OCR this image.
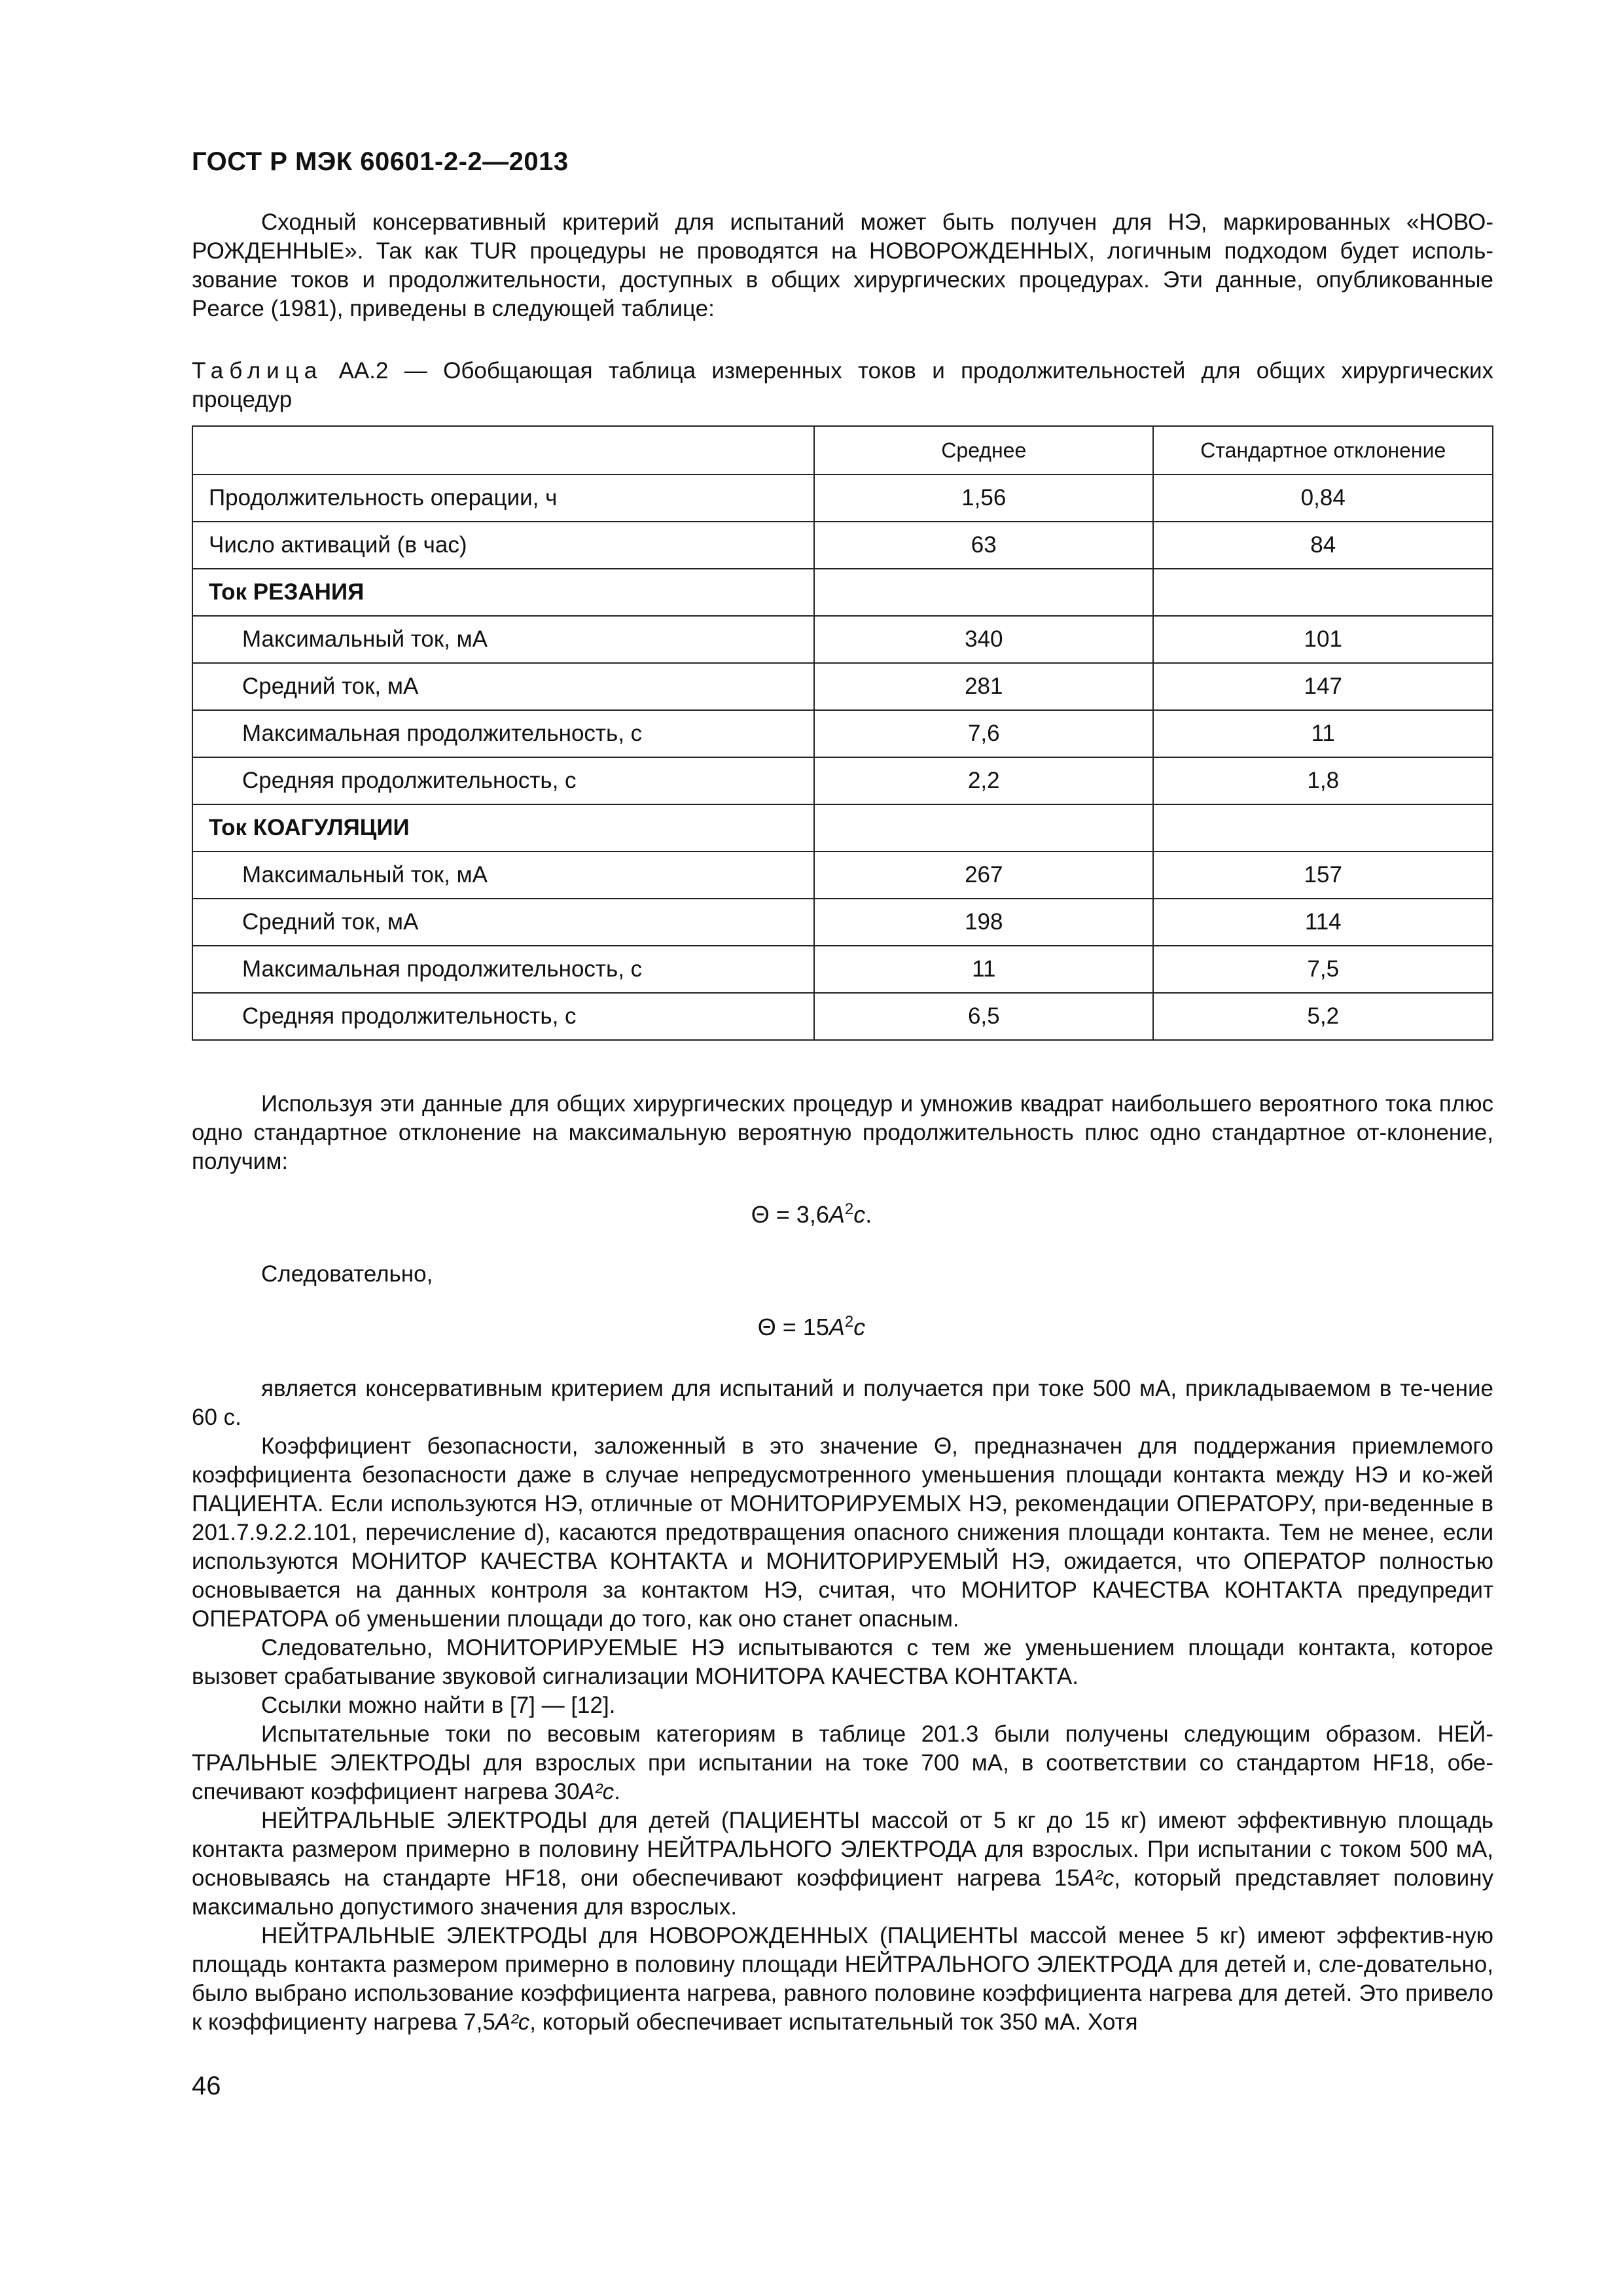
ГОСТ Р МЭК 60601-2-2—2013

Сходный консервативный критерий для испытаний может быть получен для НЭ, маркированных «НОВО-РОЖДЕННЫЕ». Так как TUR процедуры не проводятся на НОВОРОЖДЕННЫХ, логичным подходом будет исполь-зование токов и продолжительности, доступных в общих хирургических процедурах. Эти данные, опубликованные Pearce (1981), приведены в следующей таблице:

Таблица АА.2 — Обобщающая таблица измеренных токов и продолжительностей для общих хирургических процедур
	Среднее	Стандартное отклонение
Продолжительность операции, ч	1,56	0,84
Число активаций (в час)	63	84
Ток РЕЗАНИЯ		
Максимальный ток, мА	340	101
Средний ток, мА	281	147
Максимальная продолжительность, с	7,6	11
Средняя продолжительность, с	2,2	1,8
Ток КОАГУЛЯЦИИ		
Максимальный ток, мА	267	157
Средний ток, мА	198	114
Максимальная продолжительность, с	11	7,5
Средняя продолжительность, с	6,5	5,2

Используя эти данные для общих хирургических процедур и умножив квадрат наибольшего вероятного тока плюс одно стандартное отклонение на максимальную вероятную продолжительность плюс одно стандартное от-клонение, получим:

$\Theta = 3,6A^2c$.

Следовательно,

$\Theta = 15A^2c$

является консервативным критерием для испытаний и получается при токе 500 мА, прикладываемом в те-чение 60 с.

Коэффициент безопасности, заложенный в это значение Θ, предназначен для поддержания приемлемого коэффициента безопасности даже в случае непредусмотренного уменьшения площади контакта между НЭ и ко-жей ПАЦИЕНТА. Если используются НЭ, отличные от МОНИТОРИРУЕМЫХ НЭ, рекомендации ОПЕРАТОРУ, при-веденные в 201.7.9.2.2.101, перечисление d), касаются предотвращения опасного снижения площади контакта. Тем не менее, если используются МОНИТОР КАЧЕСТВА КОНТАКТА и МОНИТОРИРУЕМЫЙ НЭ, ожидается, что ОПЕРАТОР полностью основывается на данных контроля за контактом НЭ, считая, что МОНИТОР КАЧЕСТВА КОНТАКТА предупредит ОПЕРАТОРА об уменьшении площади до того, как оно станет опасным.

Следовательно, МОНИТОРИРУЕМЫЕ НЭ испытываются с тем же уменьшением площади контакта, которое вызовет срабатывание звуковой сигнализации МОНИТОРА КАЧЕСТВА КОНТАКТА.

Ссылки можно найти в [7] — [12].

Испытательные токи по весовым категориям в таблице 201.3 были получены следующим образом. НЕЙ-ТРАЛЬНЫЕ ЭЛЕКТРОДЫ для взрослых при испытании на токе 700 мА, в соответствии со стандартом HF18, обе-спечивают коэффициент нагрева 30A²c.

НЕЙТРАЛЬНЫЕ ЭЛЕКТРОДЫ для детей (ПАЦИЕНТЫ массой от 5 кг до 15 кг) имеют эффективную площадь контакта размером примерно в половину НЕЙТРАЛЬНОГО ЭЛЕКТРОДА для взрослых. При испытании с током 500 мА, основываясь на стандарте HF18, они обеспечивают коэффициент нагрева 15A²c, который представляет половину максимально допустимого значения для взрослых.

НЕЙТРАЛЬНЫЕ ЭЛЕКТРОДЫ для НОВОРОЖДЕННЫХ (ПАЦИЕНТЫ массой менее 5 кг) имеют эффектив-ную площадь контакта размером примерно в половину площади НЕЙТРАЛЬНОГО ЭЛЕКТРОДА для детей и, сле-довательно, было выбрано использование коэффициента нагрева, равного половине коэффициента нагрева для детей. Это привело к коэффициенту нагрева 7,5A²c, который обеспечивает испытательный ток 350 мА. Хотя

46
